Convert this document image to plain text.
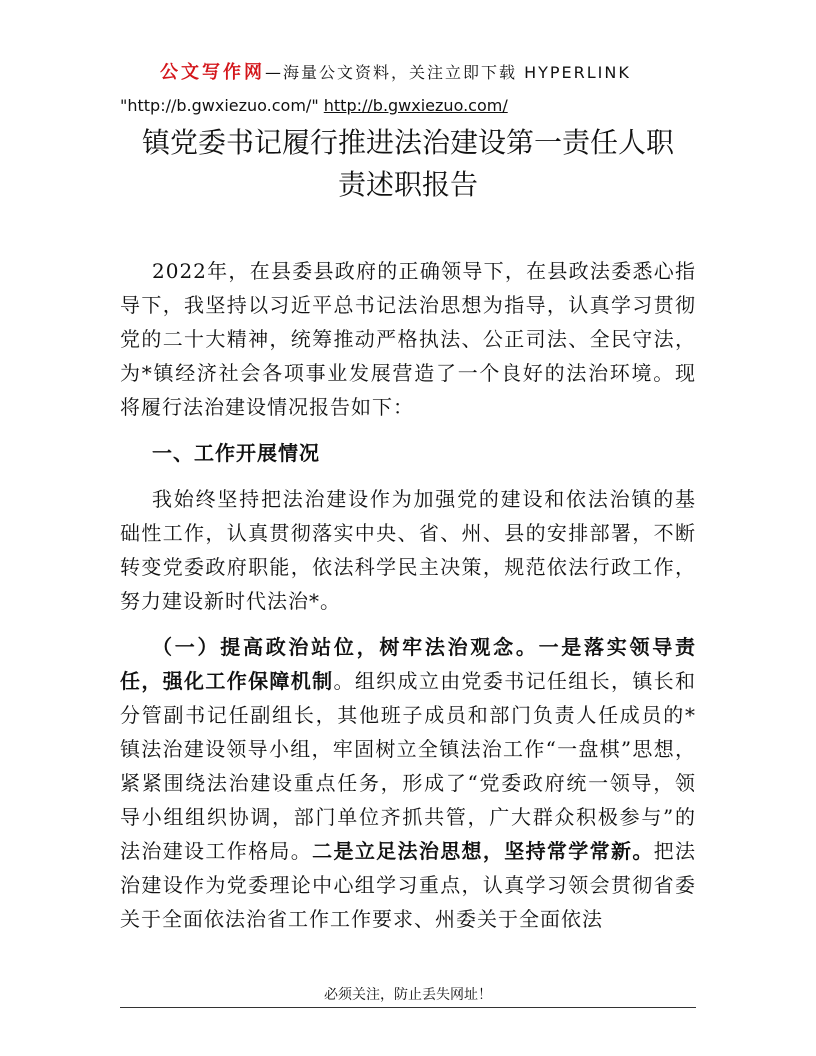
公文写作网—海量公文资料，关注立即下载 HYPERLINK
"http://b.gwxiezuo.com/" http://b.gwxiezuo.com/
镇党委书记履行推进法治建设第一责任人职
责述职报告

2022年，在县委县政府的正确领导下，在县政法委悉心指导下，我坚持以习近平总书记法治思想为指导，认真学习贯彻党的二十大精神，统筹推动严格执法、公正司法、全民守法，为*镇经济社会各项事业发展营造了一个良好的法治环境。现将履行法治建设情况报告如下：

一、工作开展情况

我始终坚持把法治建设作为加强党的建设和依法治镇的基础性工作，认真贯彻落实中央、省、州、县的安排部署，不断转变党委政府职能，依法科学民主决策，规范依法行政工作，努力建设新时代法治*。

（一）提高政治站位，树牢法治观念。一是落实领导责任，强化工作保障机制。组织成立由党委书记任组长，镇长和分管副书记任副组长，其他班子成员和部门负责人任成员的*镇法治建设领导小组，牢固树立全镇法治工作“一盘棋”思想，紧紧围绕法治建设重点任务，形成了“党委政府统一领导，领导小组组织协调，部门单位齐抓共管，广大群众积极参与”的法治建设工作格局。二是立足法治思想，坚持常学常新。把法治建设作为党委理论中心组学习重点，认真学习领会贯彻省委关于全面依法治省工作工作要求、州委关于全面依法

必须关注，防止丢失网址！
